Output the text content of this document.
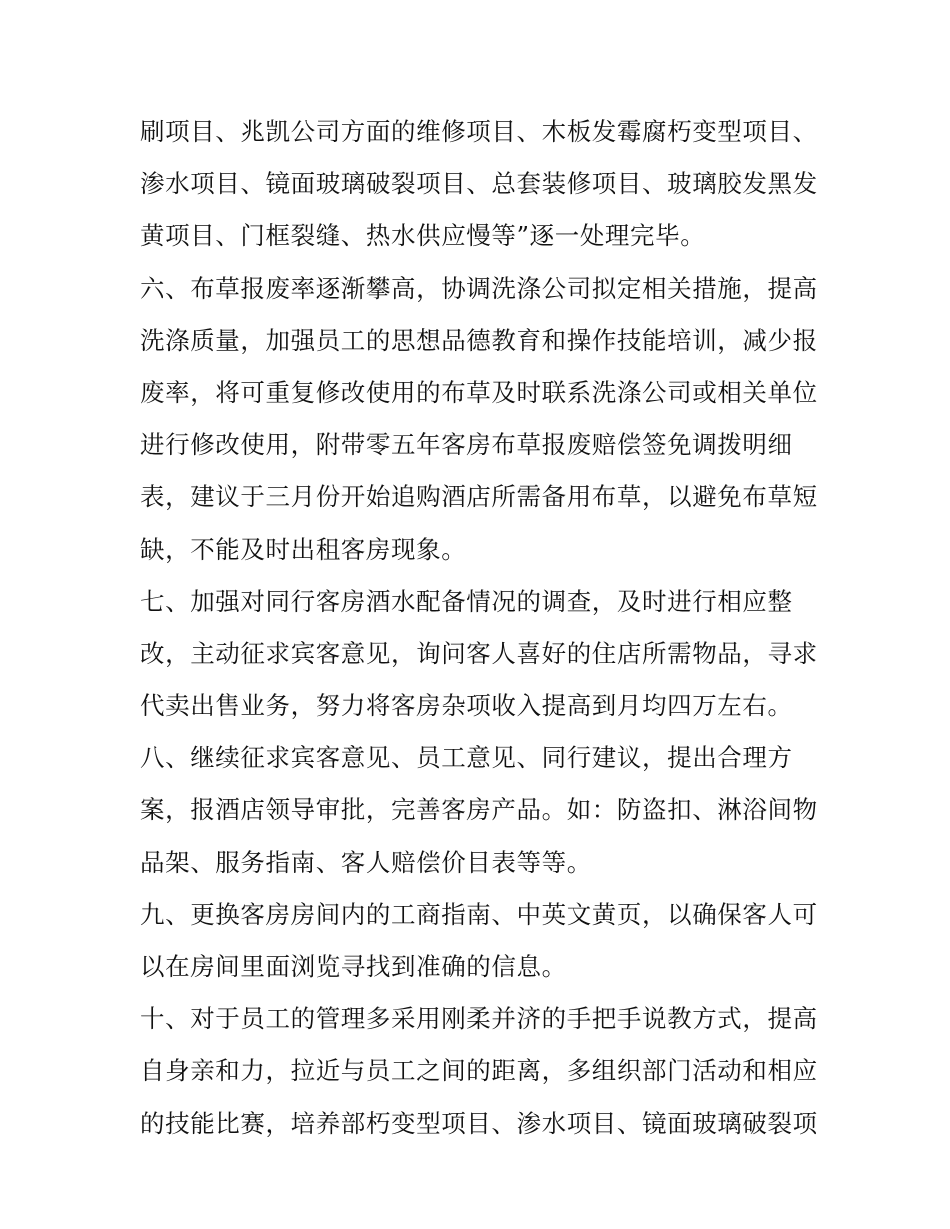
刷项目、兆凯公司方面的维修项目、木板发霉腐朽变型项目、
渗水项目、镜面玻璃破裂项目、总套装修项目、玻璃胶发黑发
黄项目、门框裂缝、热水供应慢等”逐一处理完毕。
六、布草报废率逐渐攀高，协调洗涤公司拟定相关措施，提高
洗涤质量，加强员工的思想品德教育和操作技能培训，减少报
废率，将可重复修改使用的布草及时联系洗涤公司或相关单位
进行修改使用，附带零五年客房布草报废赔偿签免调拨明细
表，建议于三月份开始追购酒店所需备用布草，以避免布草短
缺，不能及时出租客房现象。
七、加强对同行客房酒水配备情况的调查，及时进行相应整
改，主动征求宾客意见，询问客人喜好的住店所需物品，寻求
代卖出售业务，努力将客房杂项收入提高到月均四万左右。
八、继续征求宾客意见、员工意见、同行建议，提出合理方
案，报酒店领导审批，完善客房产品。如：防盗扣、淋浴间物
品架、服务指南、客人赔偿价目表等等。
九、更换客房房间内的工商指南、中英文黄页，以确保客人可
以在房间里面浏览寻找到准确的信息。
十、对于员工的管理多采用刚柔并济的手把手说教方式，提高
自身亲和力，拉近与员工之间的距离，多组织部门活动和相应
的技能比赛，培养部朽变型项目、渗水项目、镜面玻璃破裂项
